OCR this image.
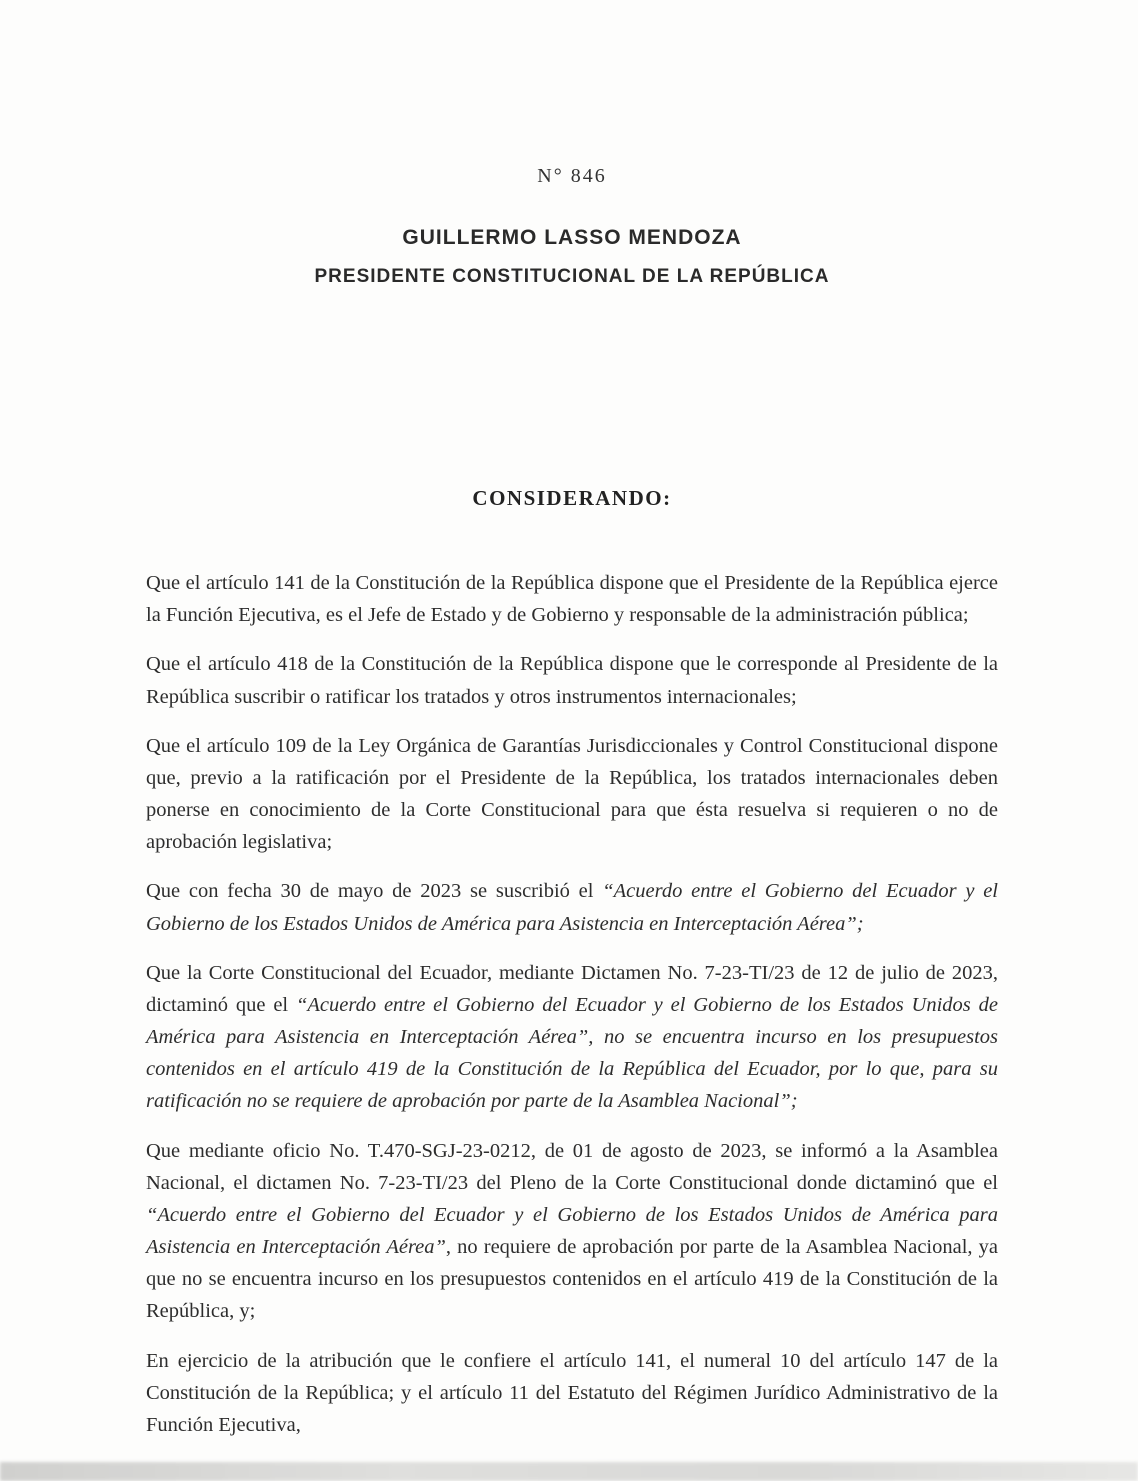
N° 846
GUILLERMO LASSO MENDOZA
PRESIDENTE CONSTITUCIONAL DE LA REPÚBLICA
CONSIDERANDO:

Que el artículo 141 de la Constitución de la República dispone que el Presidente de la República ejerce la Función Ejecutiva, es el Jefe de Estado y de Gobierno y responsable de la administración pública;

Que el artículo 418 de la Constitución de la República dispone que le corresponde al Presidente de la República suscribir o ratificar los tratados y otros instrumentos internacionales;

Que el artículo 109 de la Ley Orgánica de Garantías Jurisdiccionales y Control Constitucional dispone que, previo a la ratificación por el Presidente de la República, los tratados internacionales deben ponerse en conocimiento de la Corte Constitucional para que ésta resuelva si requieren o no de aprobación legislativa;

Que con fecha 30 de mayo de 2023 se suscribió el “Acuerdo entre el Gobierno del Ecuador y el Gobierno de los Estados Unidos de América para Asistencia en Interceptación Aérea”;

Que la Corte Constitucional del Ecuador, mediante Dictamen No. 7-23-TI/23 de 12 de julio de 2023, dictaminó que el “Acuerdo entre el Gobierno del Ecuador y el Gobierno de los Estados Unidos de América para Asistencia en Interceptación Aérea”, no se encuentra incurso en los presupuestos contenidos en el artículo 419 de la Constitución de la República del Ecuador, por lo que, para su ratificación no se requiere de aprobación por parte de la Asamblea Nacional”;

Que mediante oficio No. T.470-SGJ-23-0212, de 01 de agosto de 2023, se informó a la Asamblea Nacional, el dictamen No. 7-23-TI/23 del Pleno de la Corte Constitucional donde dictaminó que el “Acuerdo entre el Gobierno del Ecuador y el Gobierno de los Estados Unidos de América para Asistencia en Interceptación Aérea”, no requiere de aprobación por parte de la Asamblea Nacional, ya que no se encuentra incurso en los presupuestos contenidos en el artículo 419 de la Constitución de la República, y;

En ejercicio de la atribución que le confiere el artículo 141, el numeral 10 del artículo 147 de la Constitución de la República; y el artículo 11 del Estatuto del Régimen Jurídico Administrativo de la Función Ejecutiva,
